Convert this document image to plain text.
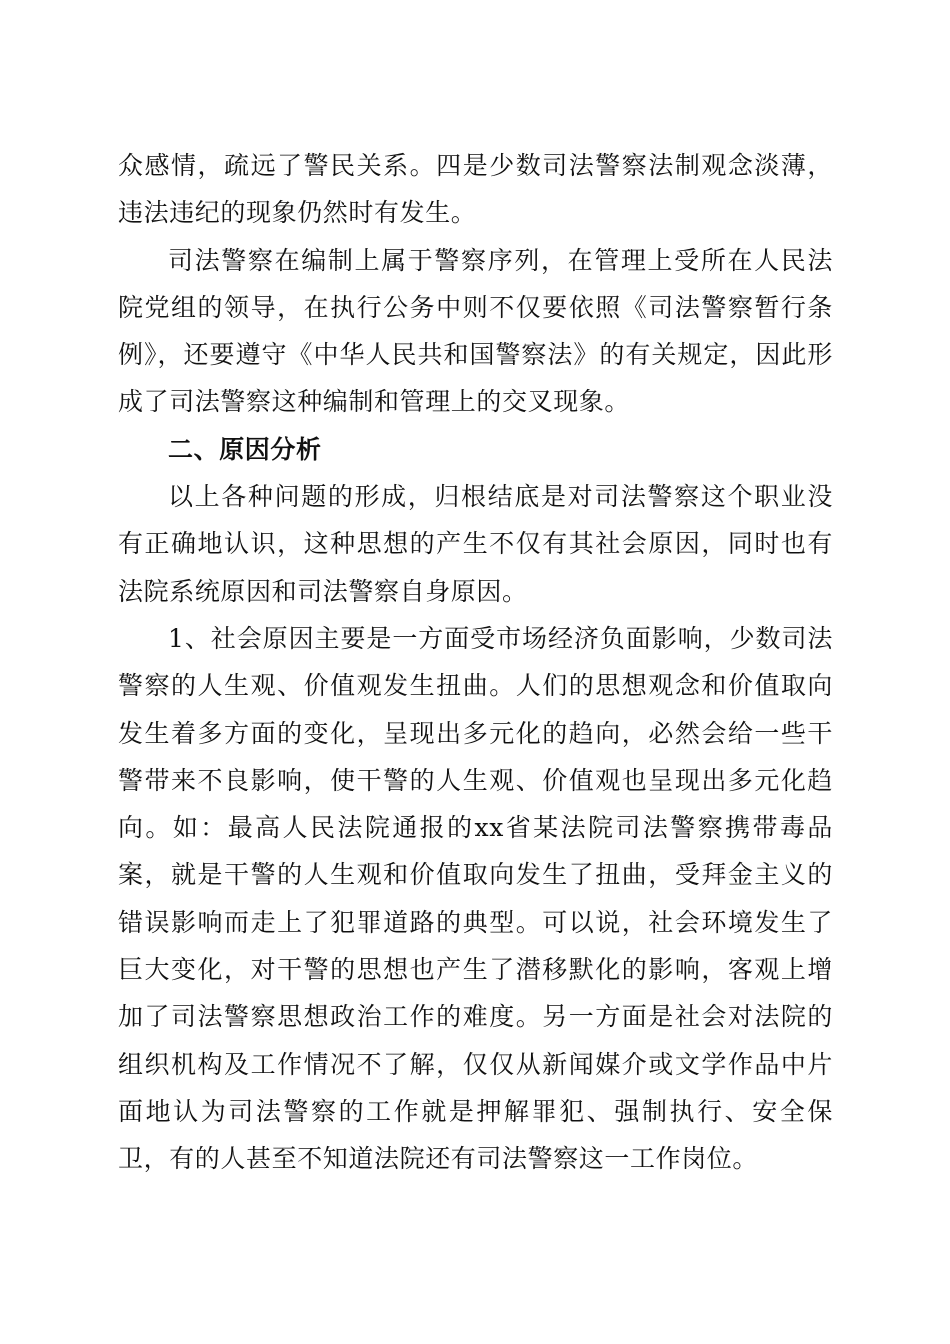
众感情，疏远了警民关系。四是少数司法警察法制观念淡薄，违法违纪的现象仍然时有发生。

司法警察在编制上属于警察序列，在管理上受所在人民法院党组的领导，在执行公务中则不仅要依照《司法警察暂行条例》，还要遵守《中华人民共和国警察法》的有关规定，因此形成了司法警察这种编制和管理上的交叉现象。

二、原因分析

以上各种问题的形成，归根结底是对司法警察这个职业没有正确地认识，这种思想的产生不仅有其社会原因，同时也有法院系统原因和司法警察自身原因。

1、社会原因主要是一方面受市场经济负面影响，少数司法警察的人生观、价值观发生扭曲。人们的思想观念和价值取向发生着多方面的变化，呈现出多元化的趋向，必然会给一些干警带来不良影响，使干警的人生观、价值观也呈现出多元化趋向。如：最高人民法院通报的xx省某法院司法警察携带毒品案，就是干警的人生观和价值取向发生了扭曲，受拜金主义的错误影响而走上了犯罪道路的典型。可以说，社会环境发生了巨大变化，对干警的思想也产生了潜移默化的影响，客观上增加了司法警察思想政治工作的难度。另一方面是社会对法院的组织机构及工作情况不了解，仅仅从新闻媒介或文学作品中片面地认为司法警察的工作就是押解罪犯、强制执行、安全保卫，有的人甚至不知道法院还有司法警察这一工作岗位。
